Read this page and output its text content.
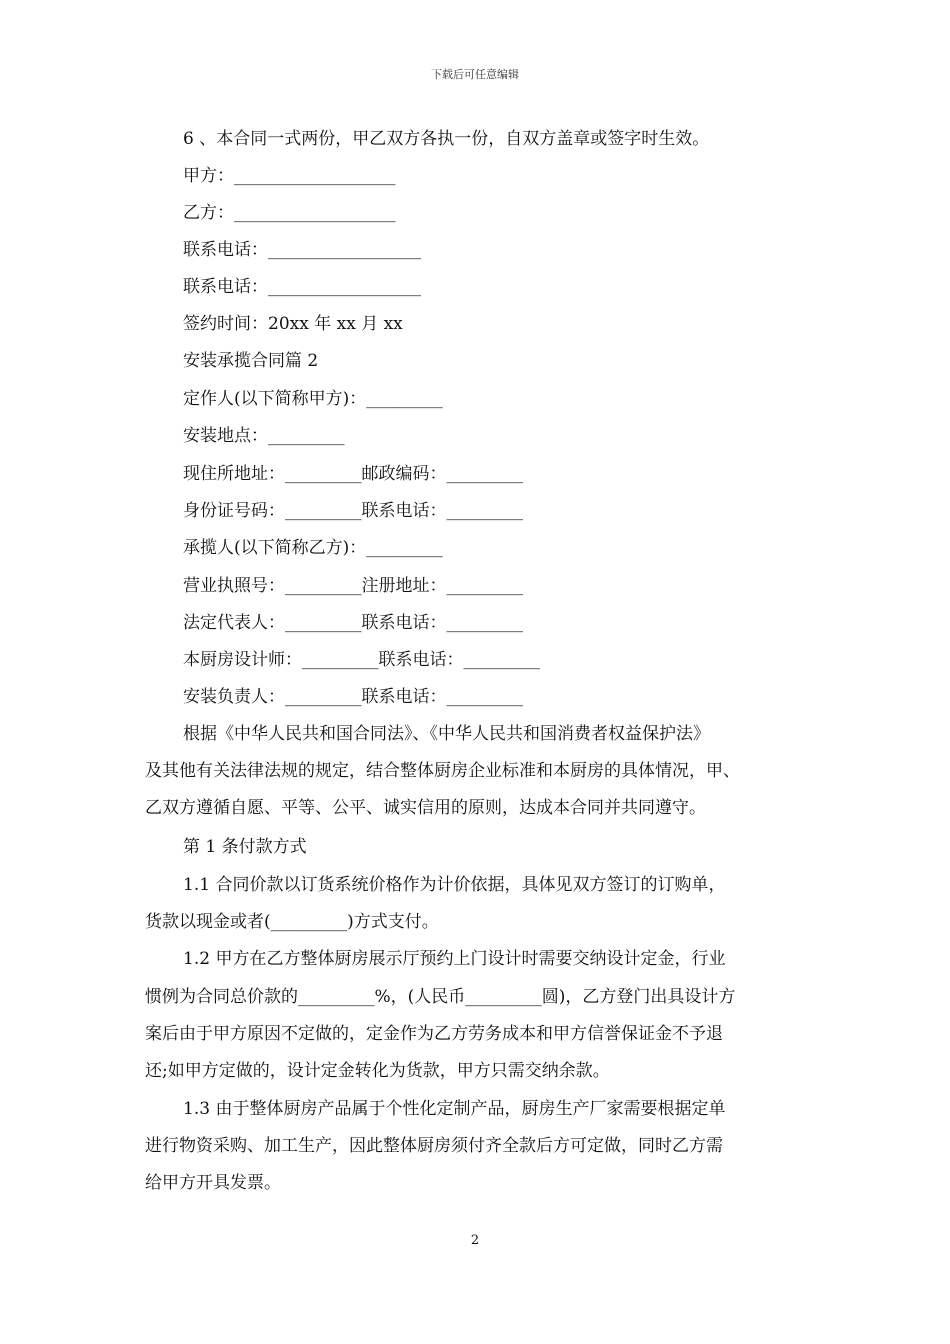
下载后可任意编辑
6 、本合同一式两份，甲乙双方各执一份，自双方盖章或签字时生效。
甲方：___________________
乙方：___________________
联系电话：__________________
联系电话：__________________
签约时间：20xx 年 xx 月 xx
安装承揽合同篇 2
定作人(以下简称甲方)：_________
安装地点：_________
现住所地址：_________邮政编码：_________
身份证号码：_________联系电话：_________
承揽人(以下简称乙方)：_________
营业执照号：_________注册地址：_________
法定代表人：_________联系电话：_________
本厨房设计师：_________联系电话：_________
安装负责人：_________联系电话：_________
根据《中华人民共和国合同法》、《中华人民共和国消费者权益保护法》
及其他有关法律法规的规定，结合整体厨房企业标准和本厨房的具体情况，甲、
乙双方遵循自愿、平等、公平、诚实信用的原则，达成本合同并共同遵守。
第 1 条付款方式
1.1 合同价款以订货系统价格作为计价依据，具体见双方签订的订购单，
货款以现金或者(_________)方式支付。
1.2 甲方在乙方整体厨房展示厅预约上门设计时需要交纳设计定金，行业
惯例为合同总价款的_________%，(人民币_________圆)，乙方登门出具设计方
案后由于甲方原因不定做的，定金作为乙方劳务成本和甲方信誉保证金不予退
还;如甲方定做的，设计定金转化为货款，甲方只需交纳余款。
1.3 由于整体厨房产品属于个性化定制产品，厨房生产厂家需要根据定单
进行物资采购、加工生产，因此整体厨房须付齐全款后方可定做，同时乙方需
给甲方开具发票。
2
